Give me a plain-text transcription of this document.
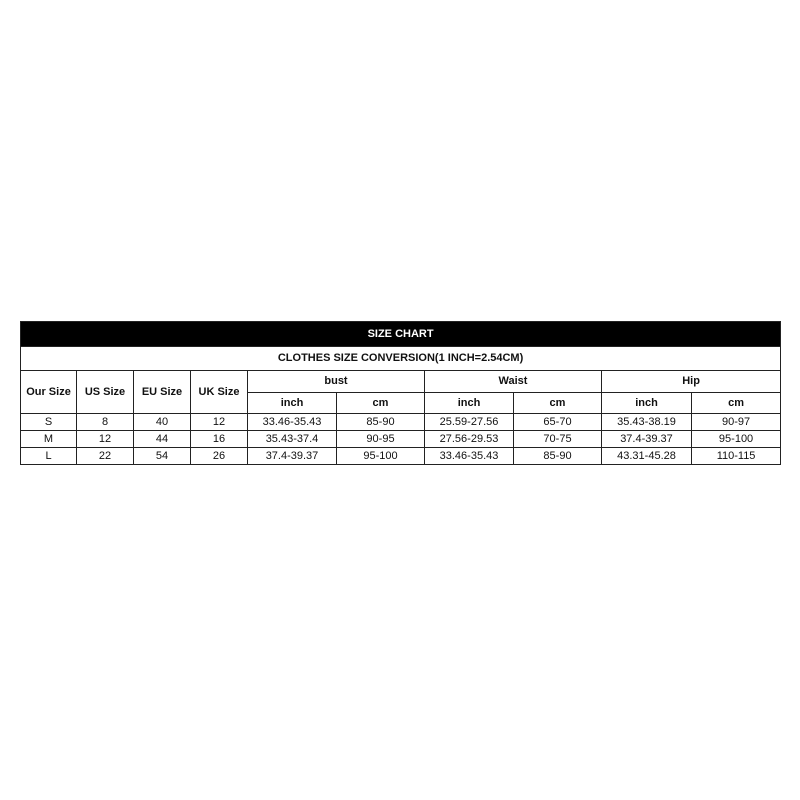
SIZE CHART									
CLOTHES SIZE CONVERSION(1 INCH=2.54CM)									
Our Size	US Size	EU Size	UK Size	bust		Waist		Hip	
				inch	cm	inch	cm	inch	cm
S	8	40	12	33.46-35.43	85-90	25.59-27.56	65-70	35.43-38.19	90-97
M	12	44	16	35.43-37.4	90-95	27.56-29.53	70-75	37.4-39.37	95-100
L	22	54	26	37.4-39.37	95-100	33.46-35.43	85-90	43.31-45.28	110-115
